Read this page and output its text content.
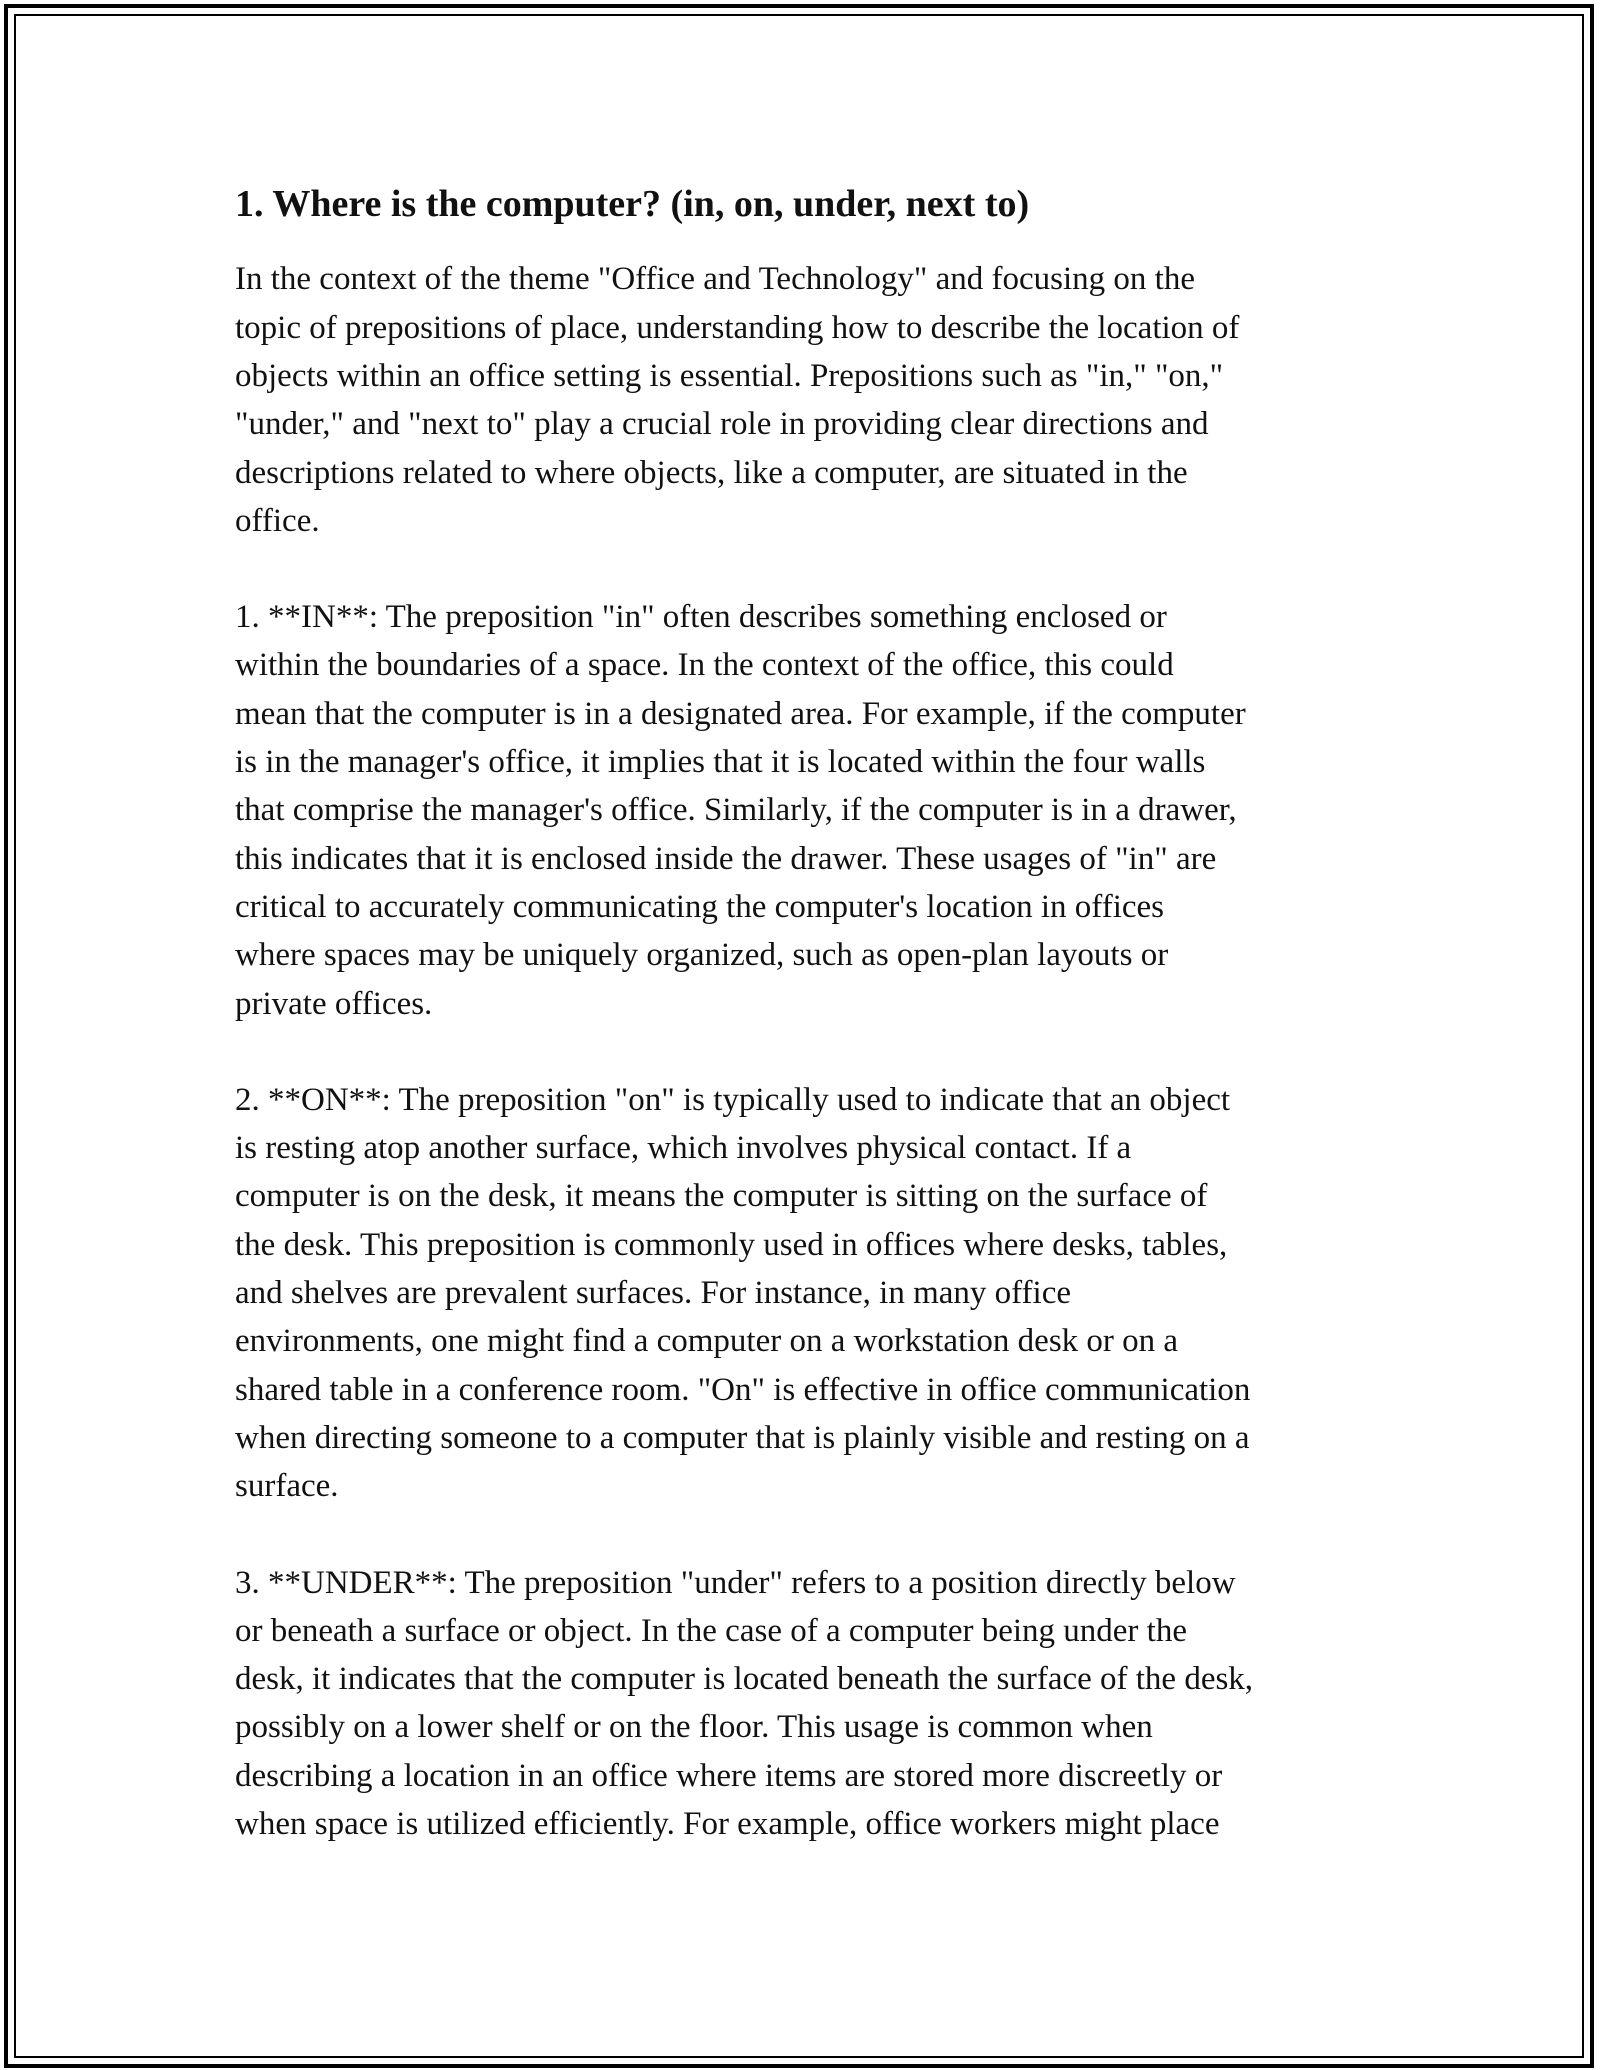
1. Where is the computer? (in, on, under, next to)

In the context of the theme "Office and Technology" and focusing on the
topic of prepositions of place, understanding how to describe the location of
objects within an office setting is essential. Prepositions such as "in," "on,"
"under," and "next to" play a crucial role in providing clear directions and
descriptions related to where objects, like a computer, are situated in the
office.

1. **IN**: The preposition "in" often describes something enclosed or
within the boundaries of a space. In the context of the office, this could
mean that the computer is in a designated area. For example, if the computer
is in the manager's office, it implies that it is located within the four walls
that comprise the manager's office. Similarly, if the computer is in a drawer,
this indicates that it is enclosed inside the drawer. These usages of "in" are
critical to accurately communicating the computer's location in offices
where spaces may be uniquely organized, such as open-plan layouts or
private offices.

2. **ON**: The preposition "on" is typically used to indicate that an object
is resting atop another surface, which involves physical contact. If a
computer is on the desk, it means the computer is sitting on the surface of
the desk. This preposition is commonly used in offices where desks, tables,
and shelves are prevalent surfaces. For instance, in many office
environments, one might find a computer on a workstation desk or on a
shared table in a conference room. "On" is effective in office communication
when directing someone to a computer that is plainly visible and resting on a
surface.

3. **UNDER**: The preposition "under" refers to a position directly below
or beneath a surface or object. In the case of a computer being under the
desk, it indicates that the computer is located beneath the surface of the desk,
possibly on a lower shelf or on the floor. This usage is common when
describing a location in an office where items are stored more discreetly or
when space is utilized efficiently. For example, office workers might place
